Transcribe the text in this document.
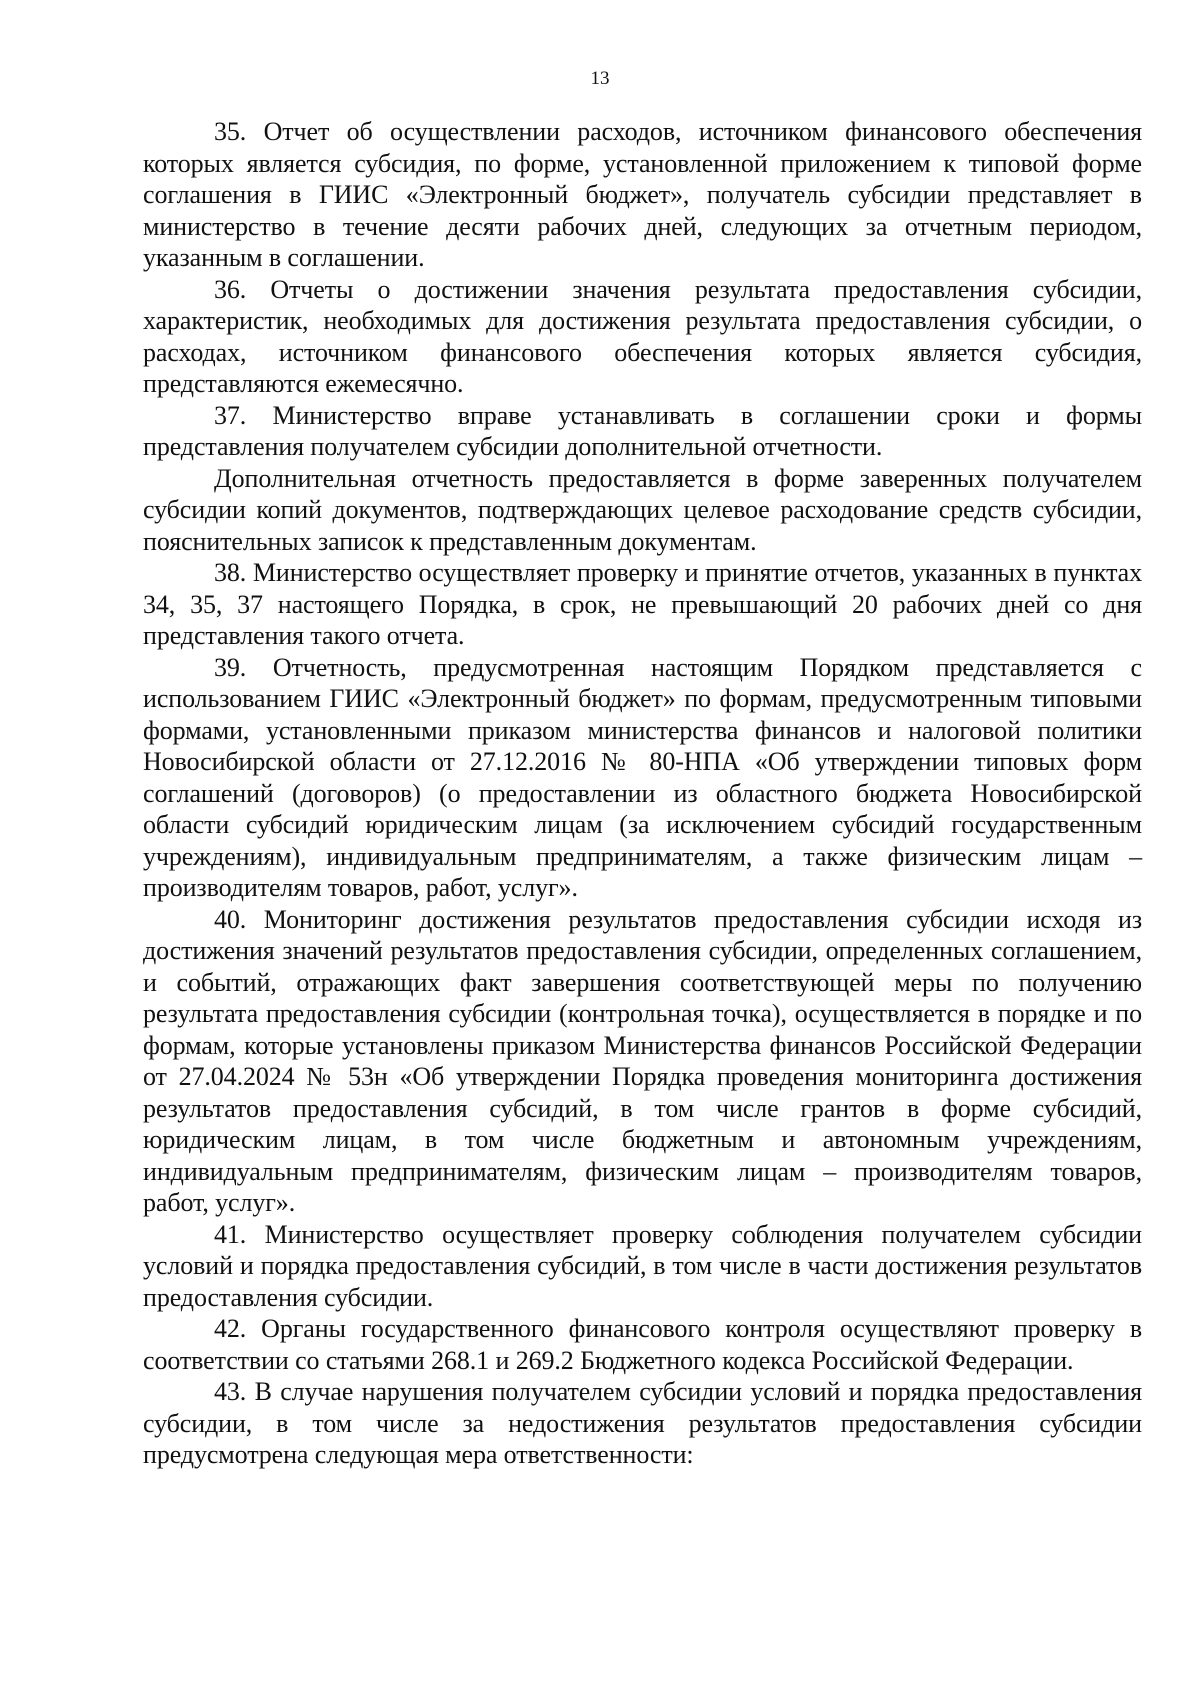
13

35. Отчет об осуществлении расходов, источником финансового обеспечения которых является субсидия, по форме, установленной приложением к типовой форме соглашения в ГИИС «Электронный бюджет», получатель субсидии представляет в министерство в течение десяти рабочих дней, следующих за отчетным периодом, указанным в соглашении.

36. Отчеты о достижении значения результата предоставления субсидии, характеристик, необходимых для достижения результата предоставления субсидии, о расходах, источником финансового обеспечения которых является субсидия, представляются ежемесячно.

37. Министерство вправе устанавливать в соглашении сроки и формы представления получателем субсидии дополнительной отчетности.

Дополнительная отчетность предоставляется в форме заверенных получателем субсидии копий документов, подтверждающих целевое расходование средств субсидии, пояснительных записок к представленным документам.

38. Министерство осуществляет проверку и принятие отчетов, указанных в пунктах 34, 35, 37 настоящего Порядка, в срок, не превышающий 20 рабочих дней со дня представления такого отчета.

39. Отчетность, предусмотренная настоящим Порядком представляется с использованием ГИИС «Электронный бюджет» по формам, предусмотренным типовыми формами, установленными приказом министерства финансов и налоговой политики Новосибирской области от 27.12.2016 № 80-НПА «Об утверждении типовых форм соглашений (договоров) (о предоставлении из областного бюджета Новосибирской области субсидий юридическим лицам (за исключением субсидий государственным учреждениям), индивидуальным предпринимателям, а также физическим лицам – производителям товаров, работ, услуг».

40. Мониторинг достижения результатов предоставления субсидии исходя из достижения значений результатов предоставления субсидии, определенных соглашением, и событий, отражающих факт завершения соответствующей меры по получению результата предоставления субсидии (контрольная точка), осуществляется в порядке и по формам, которые установлены приказом Министерства финансов Российской Федерации от 27.04.2024 № 53н «Об утверждении Порядка проведения мониторинга достижения результатов предоставления субсидий, в том числе грантов в форме субсидий, юридическим лицам, в том числе бюджетным и автономным учреждениям, индивидуальным предпринимателям, физическим лицам – производителям товаров, работ, услуг».

41. Министерство осуществляет проверку соблюдения получателем субсидии условий и порядка предоставления субсидий, в том числе в части достижения результатов предоставления субсидии.

42. Органы государственного финансового контроля осуществляют проверку в соответствии со статьями 268.1 и 269.2 Бюджетного кодекса Российской Федерации.

43. В случае нарушения получателем субсидии условий и порядка предоставления субсидии, в том числе за недостижения результатов предоставления субсидии предусмотрена следующая мера ответственности:
